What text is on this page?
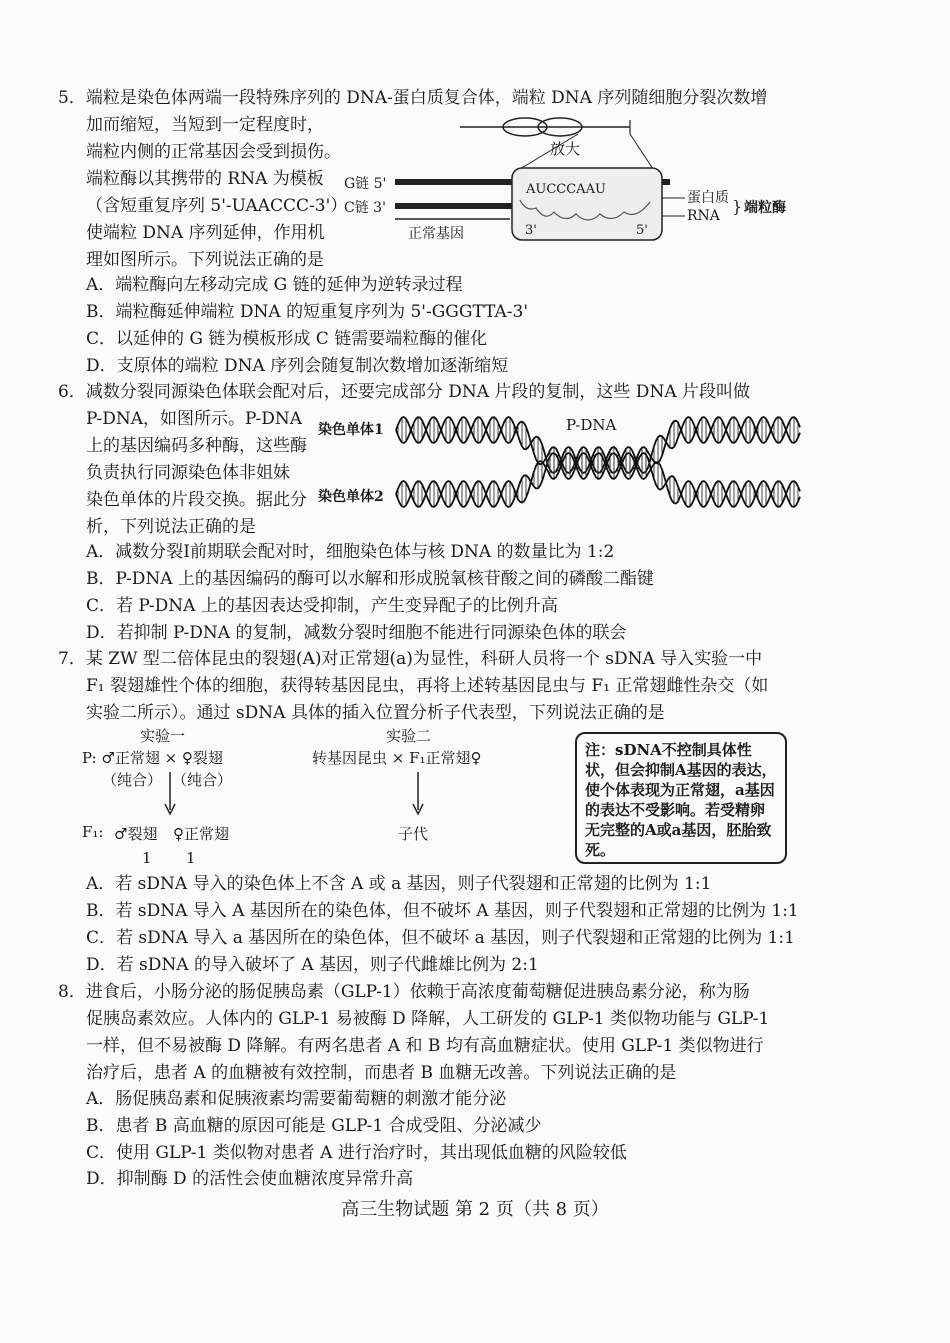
5．端粒是染色体两端一段特殊序列的 DNA-蛋白质复合体，端粒 DNA 序列随细胞分裂次数增
加而缩短，当短到一定程度时，
端粒内侧的正常基因会受到损伤。
端粒酶以其携带的 RNA 为模板
（含短重复序列 5'-UAACCC-3'）
使端粒 DNA 序列延伸，作用机
理如图所示。下列说法正确的是
放大
G链 5'
C链 3'
正常基因
AUCCCAAU
3'	5'
蛋白质
RNA } 端粒酶
A．端粒酶向左移动完成 G 链的延伸为逆转录过程
B．端粒酶延伸端粒 DNA 的短重复序列为 5'-GGGTTA-3'
C．以延伸的 G 链为模板形成 C 链需要端粒酶的催化
D．支原体的端粒 DNA 序列会随复制次数增加逐渐缩短
6．减数分裂同源染色体联会配对后，还要完成部分 DNA 片段的复制，这些 DNA 片段叫做
P-DNA，如图所示。P-DNA
上的基因编码多种酶，这些酶
负责执行同源染色体非姐妹
染色单体的片段交换。据此分
析，下列说法正确的是
染色单体1
染色单体2
P-DNA
A．减数分裂Ⅰ前期联会配对时，细胞染色体与核 DNA 的数量比为 1:2
B．P-DNA 上的基因编码的酶可以水解和形成脱氧核苷酸之间的磷酸二酯键
C．若 P-DNA 上的基因表达受抑制，产生变异配子的比例升高
D．若抑制 P-DNA 的复制，减数分裂时细胞不能进行同源染色体的联会
7．某 ZW 型二倍体昆虫的裂翅(A)对正常翅(a)为显性，科研人员将一个 sDNA 导入实验一中
F₁ 裂翅雄性个体的细胞，获得转基因昆虫，再将上述转基因昆虫与 F₁ 正常翅雌性杂交（如
实验二所示）。通过 sDNA 具体的插入位置分析子代表型，下列说法正确的是
实验一
P: ♂正常翅 × ♀裂翅
（纯合） （纯合）
F₁: ♂裂翅 ♀正常翅
1 1
实验二
转基因昆虫 × F₁正常翅♀
子代
注：sDNA不控制具体性状，但会抑制A基因的表达，使个体表现为正常翅，a基因的表达不受影响。若受精卵无完整的A或a基因，胚胎致死。
A．若 sDNA 导入的染色体上不含 A 或 a 基因，则子代裂翅和正常翅的比例为 1:1
B．若 sDNA 导入 A 基因所在的染色体，但不破坏 A 基因，则子代裂翅和正常翅的比例为 1:1
C．若 sDNA 导入 a 基因所在的染色体，但不破坏 a 基因，则子代裂翅和正常翅的比例为 1:1
D．若 sDNA 的导入破坏了 A 基因，则子代雌雄比例为 2:1
8．进食后，小肠分泌的肠促胰岛素（GLP-1）依赖于高浓度葡萄糖促进胰岛素分泌，称为肠
促胰岛素效应。人体内的 GLP-1 易被酶 D 降解，人工研发的 GLP-1 类似物功能与 GLP-1
一样，但不易被酶 D 降解。有两名患者 A 和 B 均有高血糖症状。使用 GLP-1 类似物进行
治疗后，患者 A 的血糖被有效控制，而患者 B 血糖无改善。下列说法正确的是
A．肠促胰岛素和促胰液素均需要葡萄糖的刺激才能分泌
B．患者 B 高血糖的原因可能是 GLP-1 合成受阻、分泌减少
C．使用 GLP-1 类似物对患者 A 进行治疗时，其出现低血糖的风险较低
D．抑制酶 D 的活性会使血糖浓度异常升高
高三生物试题 第 2 页（共 8 页）
